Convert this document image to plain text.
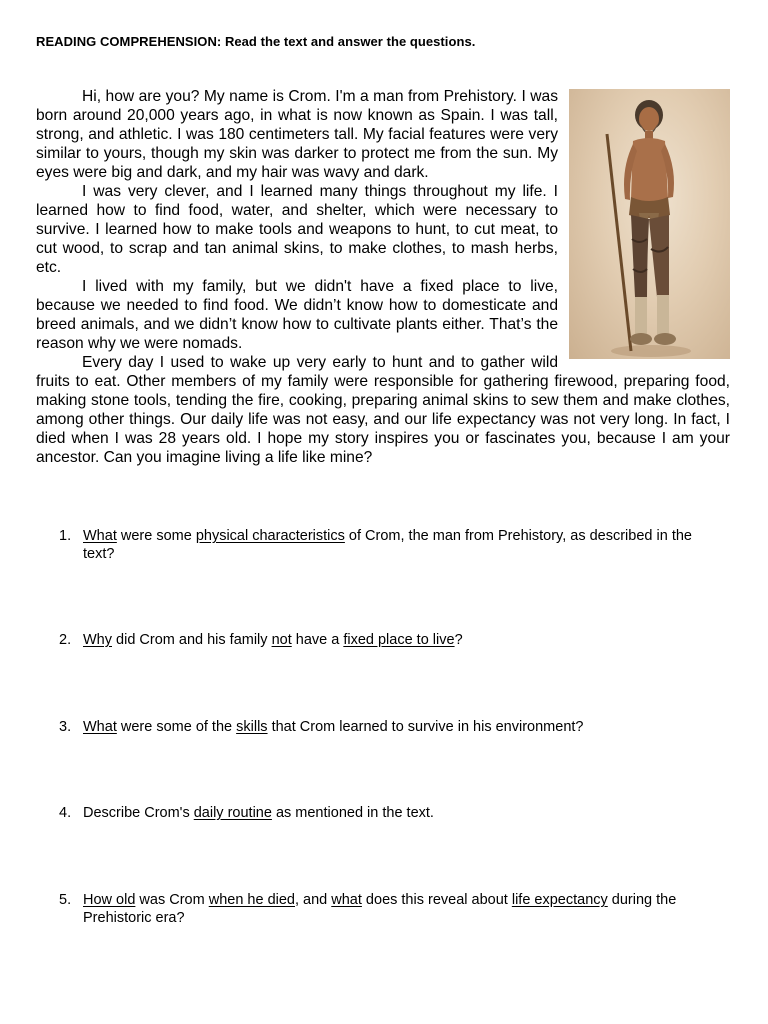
READING COMPREHENSION: Read the text and answer the questions.

Hi, how are you? My name is Crom. I'm a man from Prehistory. I was born around 20,000 years ago, in what is now known as Spain. I was tall, strong, and athletic. I was 180 centimeters tall. My facial features were very similar to yours, though my skin was darker to protect me from the sun. My eyes were big and dark, and my hair was wavy and dark.

I was very clever, and I learned many things throughout my life. I learned how to find food, water, and shelter, which were necessary to survive. I learned how to make tools and weapons to hunt, to cut meat, to cut wood, to scrap and tan animal skins, to make clothes, to mash herbs, etc.

I lived with my family, but we didn't have a fixed place to live, because we needed to find food. We didn’t know how to domesticate and breed animals, and we didn’t know how to cultivate plants either. That’s the reason why we were nomads.

Every day I used to wake up very early to hunt and to gather wild fruits to eat. Other members of my family were responsible for gathering firewood, preparing food, making stone tools, tending the fire, cooking, preparing animal skins to sew them and make clothes, among other things. Our daily life was not easy, and our life expectancy was not very long. In fact, I died when I was 28 years old. I hope my story inspires you or fascinates you, because I am your ancestor. Can you imagine living a life like mine?

1. What were some physical characteristics of Crom, the man from Prehistory, as described in the text?
2. Why did Crom and his family not have a fixed place to live?
3. What were some of the skills that Crom learned to survive in his environment?
4. Describe Crom's daily routine as mentioned in the text.
5. How old was Crom when he died, and what does this reveal about life expectancy during the Prehistoric era?
